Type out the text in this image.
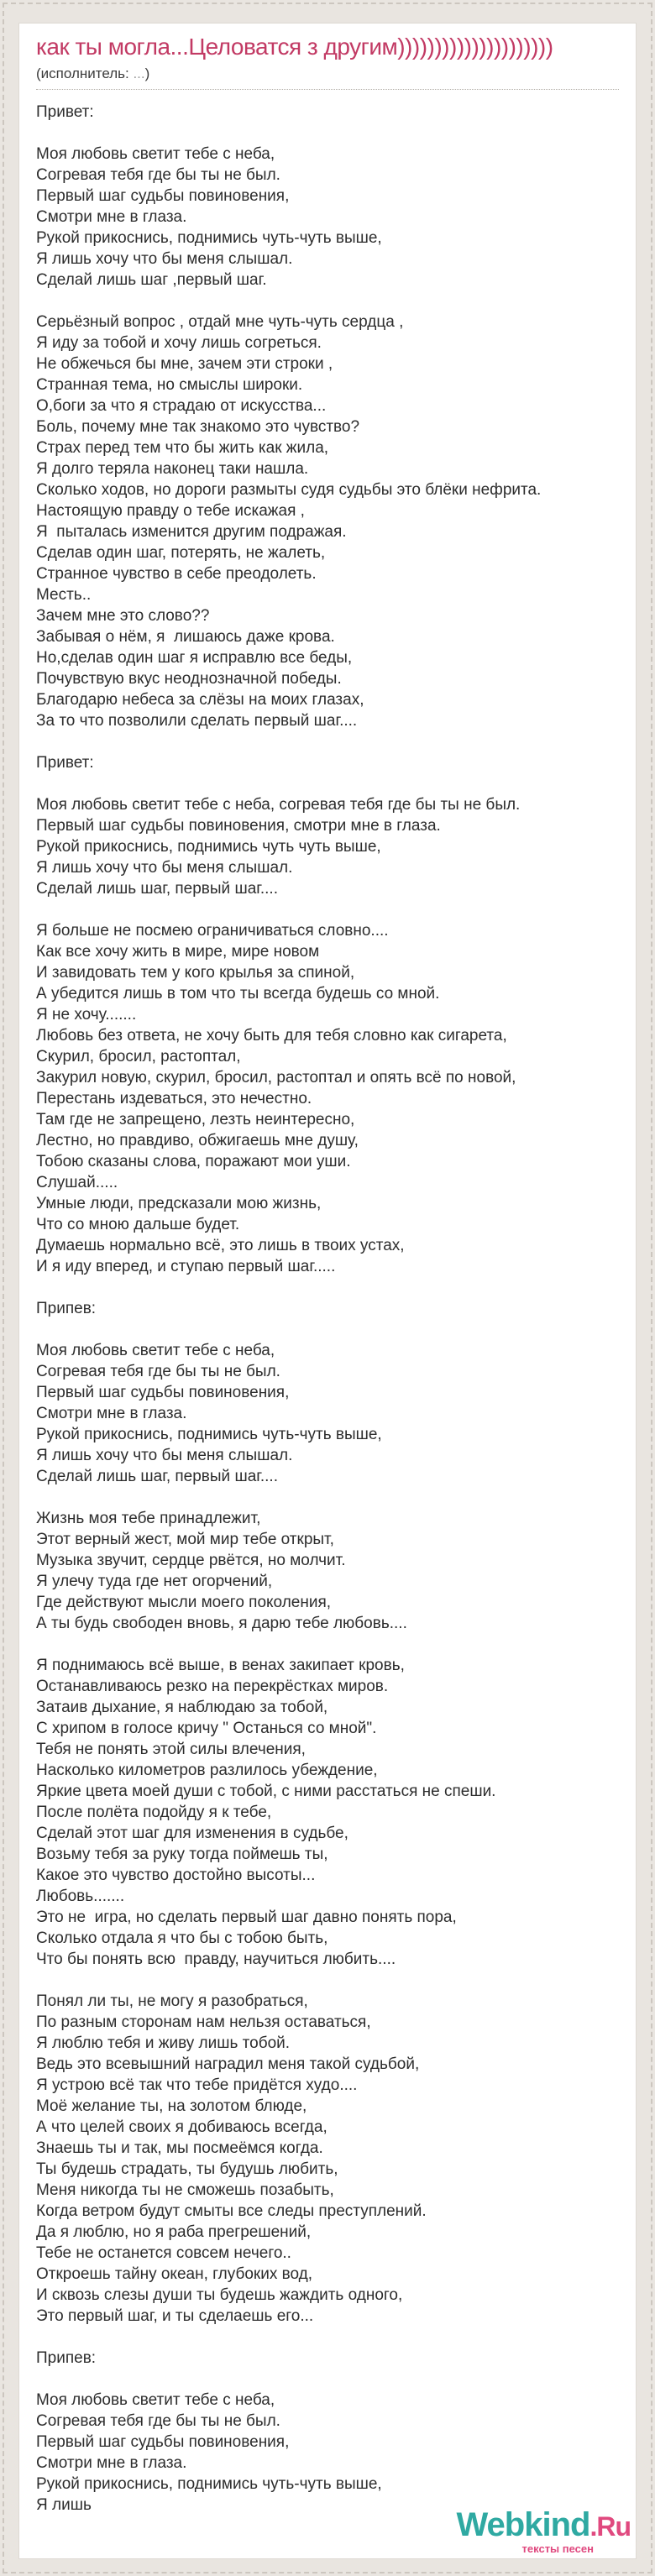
как ты могла...Целоватся з другим)))))))))))))))))))))
(исполнитель: ...)

Привет:

Моя любовь светит тебе с неба,
Согревая тебя где бы ты не был.
Первый шаг судьбы повиновения,
Смотри мне в глаза.
Рукой прикоснись, поднимись чуть-чуть выше,
Я лишь хочу что бы меня слышал.
Сделай лишь шаг ,первый шаг.

Серьёзный вопрос , отдай мне чуть-чуть сердца ,
Я иду за тобой и хочу лишь согреться.
Не обжечься бы мне, зачем эти строки ,
Странная тема, но смыслы широки.
О,боги за что я страдаю от искусства...
Боль, почему мне так знакомо это чувство?
Страх перед тем что бы жить как жила,
Я долго теряла наконец таки нашла.
Сколько ходов, но дороги размыты судя судьбы это блёки нефрита.
Настоящую правду о тебе искажая ,
Я  пыталась изменится другим подражая.
Сделав один шаг, потерять, не жалеть,
Странное чувство в себе преодолеть.
Месть..
Зачем мне это слово??
Забывая о нём, я  лишаюсь даже крова.
Но,сделав один шаг я исправлю все беды,
Почувствую вкус неоднозначной победы.
Благодарю небеса за слёзы на моих глазах,
За то что позволили сделать первый шаг....

Привет:

Моя любовь светит тебе с неба, согревая тебя где бы ты не был.
Первый шаг судьбы повиновения, смотри мне в глаза.
Рукой прикоснись, поднимись чуть чуть выше,
Я лишь хочу что бы меня слышал.
Сделай лишь шаг, первый шаг....

Я больше не посмею ограничиваться словно....
Как все хочу жить в мире, мире новом
И завидовать тем у кого крылья за спиной,
А убедится лишь в том что ты всегда будешь со мной.
Я не хочу.......
Любовь без ответа, не хочу быть для тебя словно как сигарета,
Скурил, бросил, растоптал,
Закурил новую, скурил, бросил, растоптал и опять всё по новой,
Перестань издеваться, это нечестно.
Там где не запрещено, лезть неинтересно,
Лестно, но правдиво, обжигаешь мне душу,
Тобою сказаны слова, поражают мои уши.
Слушай.....
Умные люди, предсказали мою жизнь,
Что со мною дальше будет.
Думаешь нормально всё, это лишь в твоих устах,
И я иду вперед, и ступаю первый шаг.....

Припев:

Моя любовь светит тебе с неба,
Согревая тебя где бы ты не был.
Первый шаг судьбы повиновения,
Смотри мне в глаза.
Рукой прикоснись, поднимись чуть-чуть выше,
Я лишь хочу что бы меня слышал.
Сделай лишь шаг, первый шаг....

Жизнь моя тебе принадлежит,
Этот верный жест, мой мир тебе открыт,
Музыка звучит, сердце рвётся, но молчит.
Я улечу туда где нет огорчений,
Где действуют мысли моего поколения,
А ты будь свободен вновь, я дарю тебе любовь....

Я поднимаюсь всё выше, в венах закипает кровь,
Останавливаюсь резко на перекрёстках миров.
Затаив дыхание, я наблюдаю за тобой,
С хрипом в голосе кричу " Останься со мной".
Тебя не понять этой силы влечения,
Насколько километров разлилось убеждение,
Яркие цвета моей души с тобой, с ними расстаться не спеши.
После полёта подойду я к тебе,
Сделай этот шаг для изменения в судьбе,
Возьму тебя за руку тогда поймешь ты,
Какое это чувство достойно высоты...
Любовь.......
Это не  игра, но сделать первый шаг давно понять пора,
Сколько отдала я что бы с тобою быть,
Что бы понять всю  правду, научиться любить....

Понял ли ты, не могу я разобраться,
По разным сторонам нам нельзя оставаться,
Я люблю тебя и живу лишь тобой.
Ведь это всевышний наградил меня такой судьбой,
Я устрою всё так что тебе придётся худо....
Моё желание ты, на золотом блюде,
А что целей своих я добиваюсь всегда,
Знаешь ты и так, мы посмеёмся когда.
Ты будешь страдать, ты будушь любить,
Меня никогда ты не сможешь позабыть,
Когда ветром будут смыты все следы преступлений.
Да я люблю, но я раба прегрешений,
Тебе не останется совсем нечего..
Откроешь тайну океан, глубоких вод,
И сквозь слезы души ты будешь жаждить одного,
Это первый шаг, и ты сделаешь его...

Припев:

Моя любовь светит тебе с неба,
Согревая тебя где бы ты не был.
Первый шаг судьбы повиновения,
Смотри мне в глаза.
Рукой прикоснись, поднимись чуть-чуть выше,
Я лишь

Webkind.Ru
тексты песен
